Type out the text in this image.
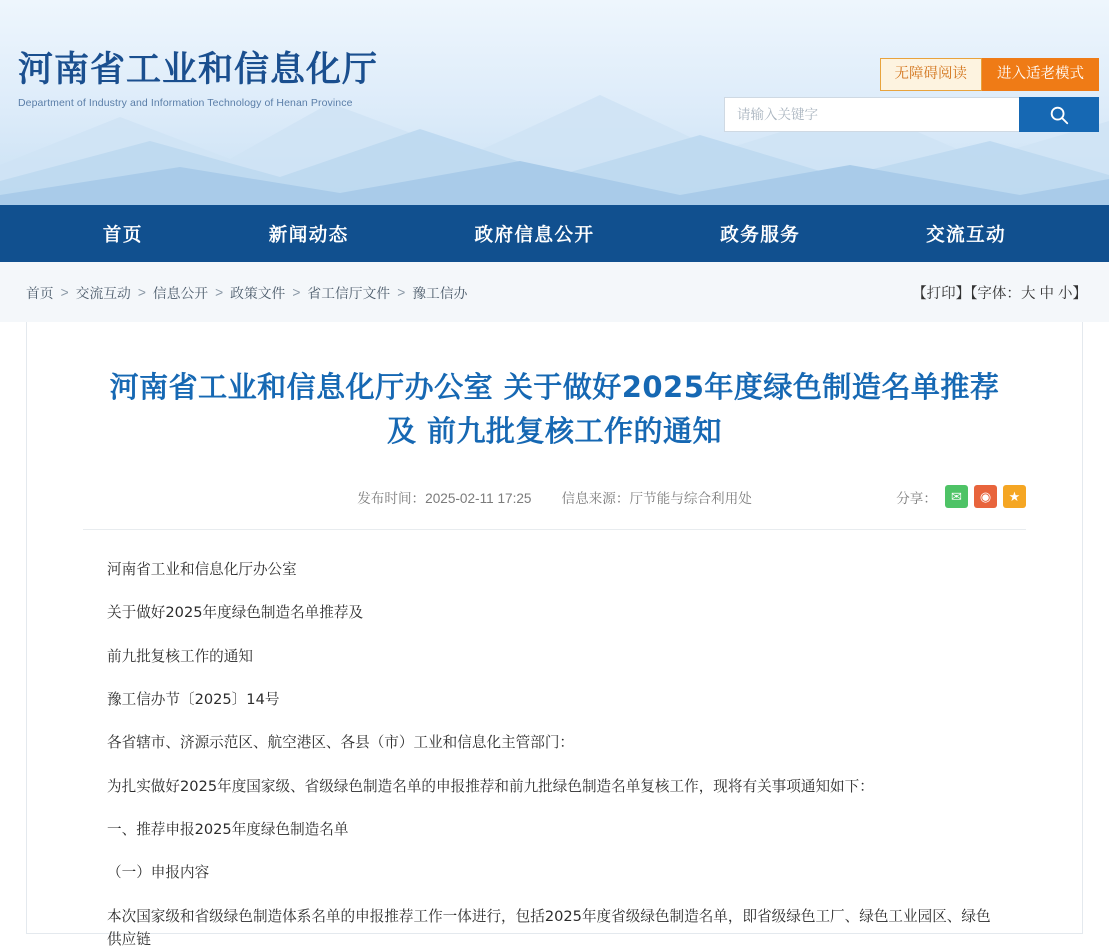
河南省工业和信息化厅
Department of Industry and Information Technology of Henan Province
无障碍阅读	进入适老模式
请输入关键字
首页	新闻动态	政府信息公开	政务服务	交流互动
首页 > 交流互动 > 信息公开 > 政策文件 > 省工信厅文件 > 豫工信办	【打印】【字体：大 中 小】
河南省工业和信息化厅办公室 关于做好2025年度绿色制造名单推荐及 前九批复核工作的通知
发布时间：2025-02-11 17:25 信息来源：厅节能与综合利用处	分享：	✉	◉	★

河南省工业和信息化厅办公室

关于做好2025年度绿色制造名单推荐及

前九批复核工作的通知

豫工信办节〔2025〕14号

各省辖市、济源示范区、航空港区、各县（市）工业和信息化主管部门：

为扎实做好2025年度国家级、省级绿色制造名单的申报推荐和前九批绿色制造名单复核工作，现将有关事项通知如下：

一、推荐申报2025年度绿色制造名单

（一）申报内容

本次国家级和省级绿色制造体系名单的申报推荐工作一体进行，包括2025年度省级绿色制造名单，即省级绿色工厂、绿色工业园区、绿色供应链
